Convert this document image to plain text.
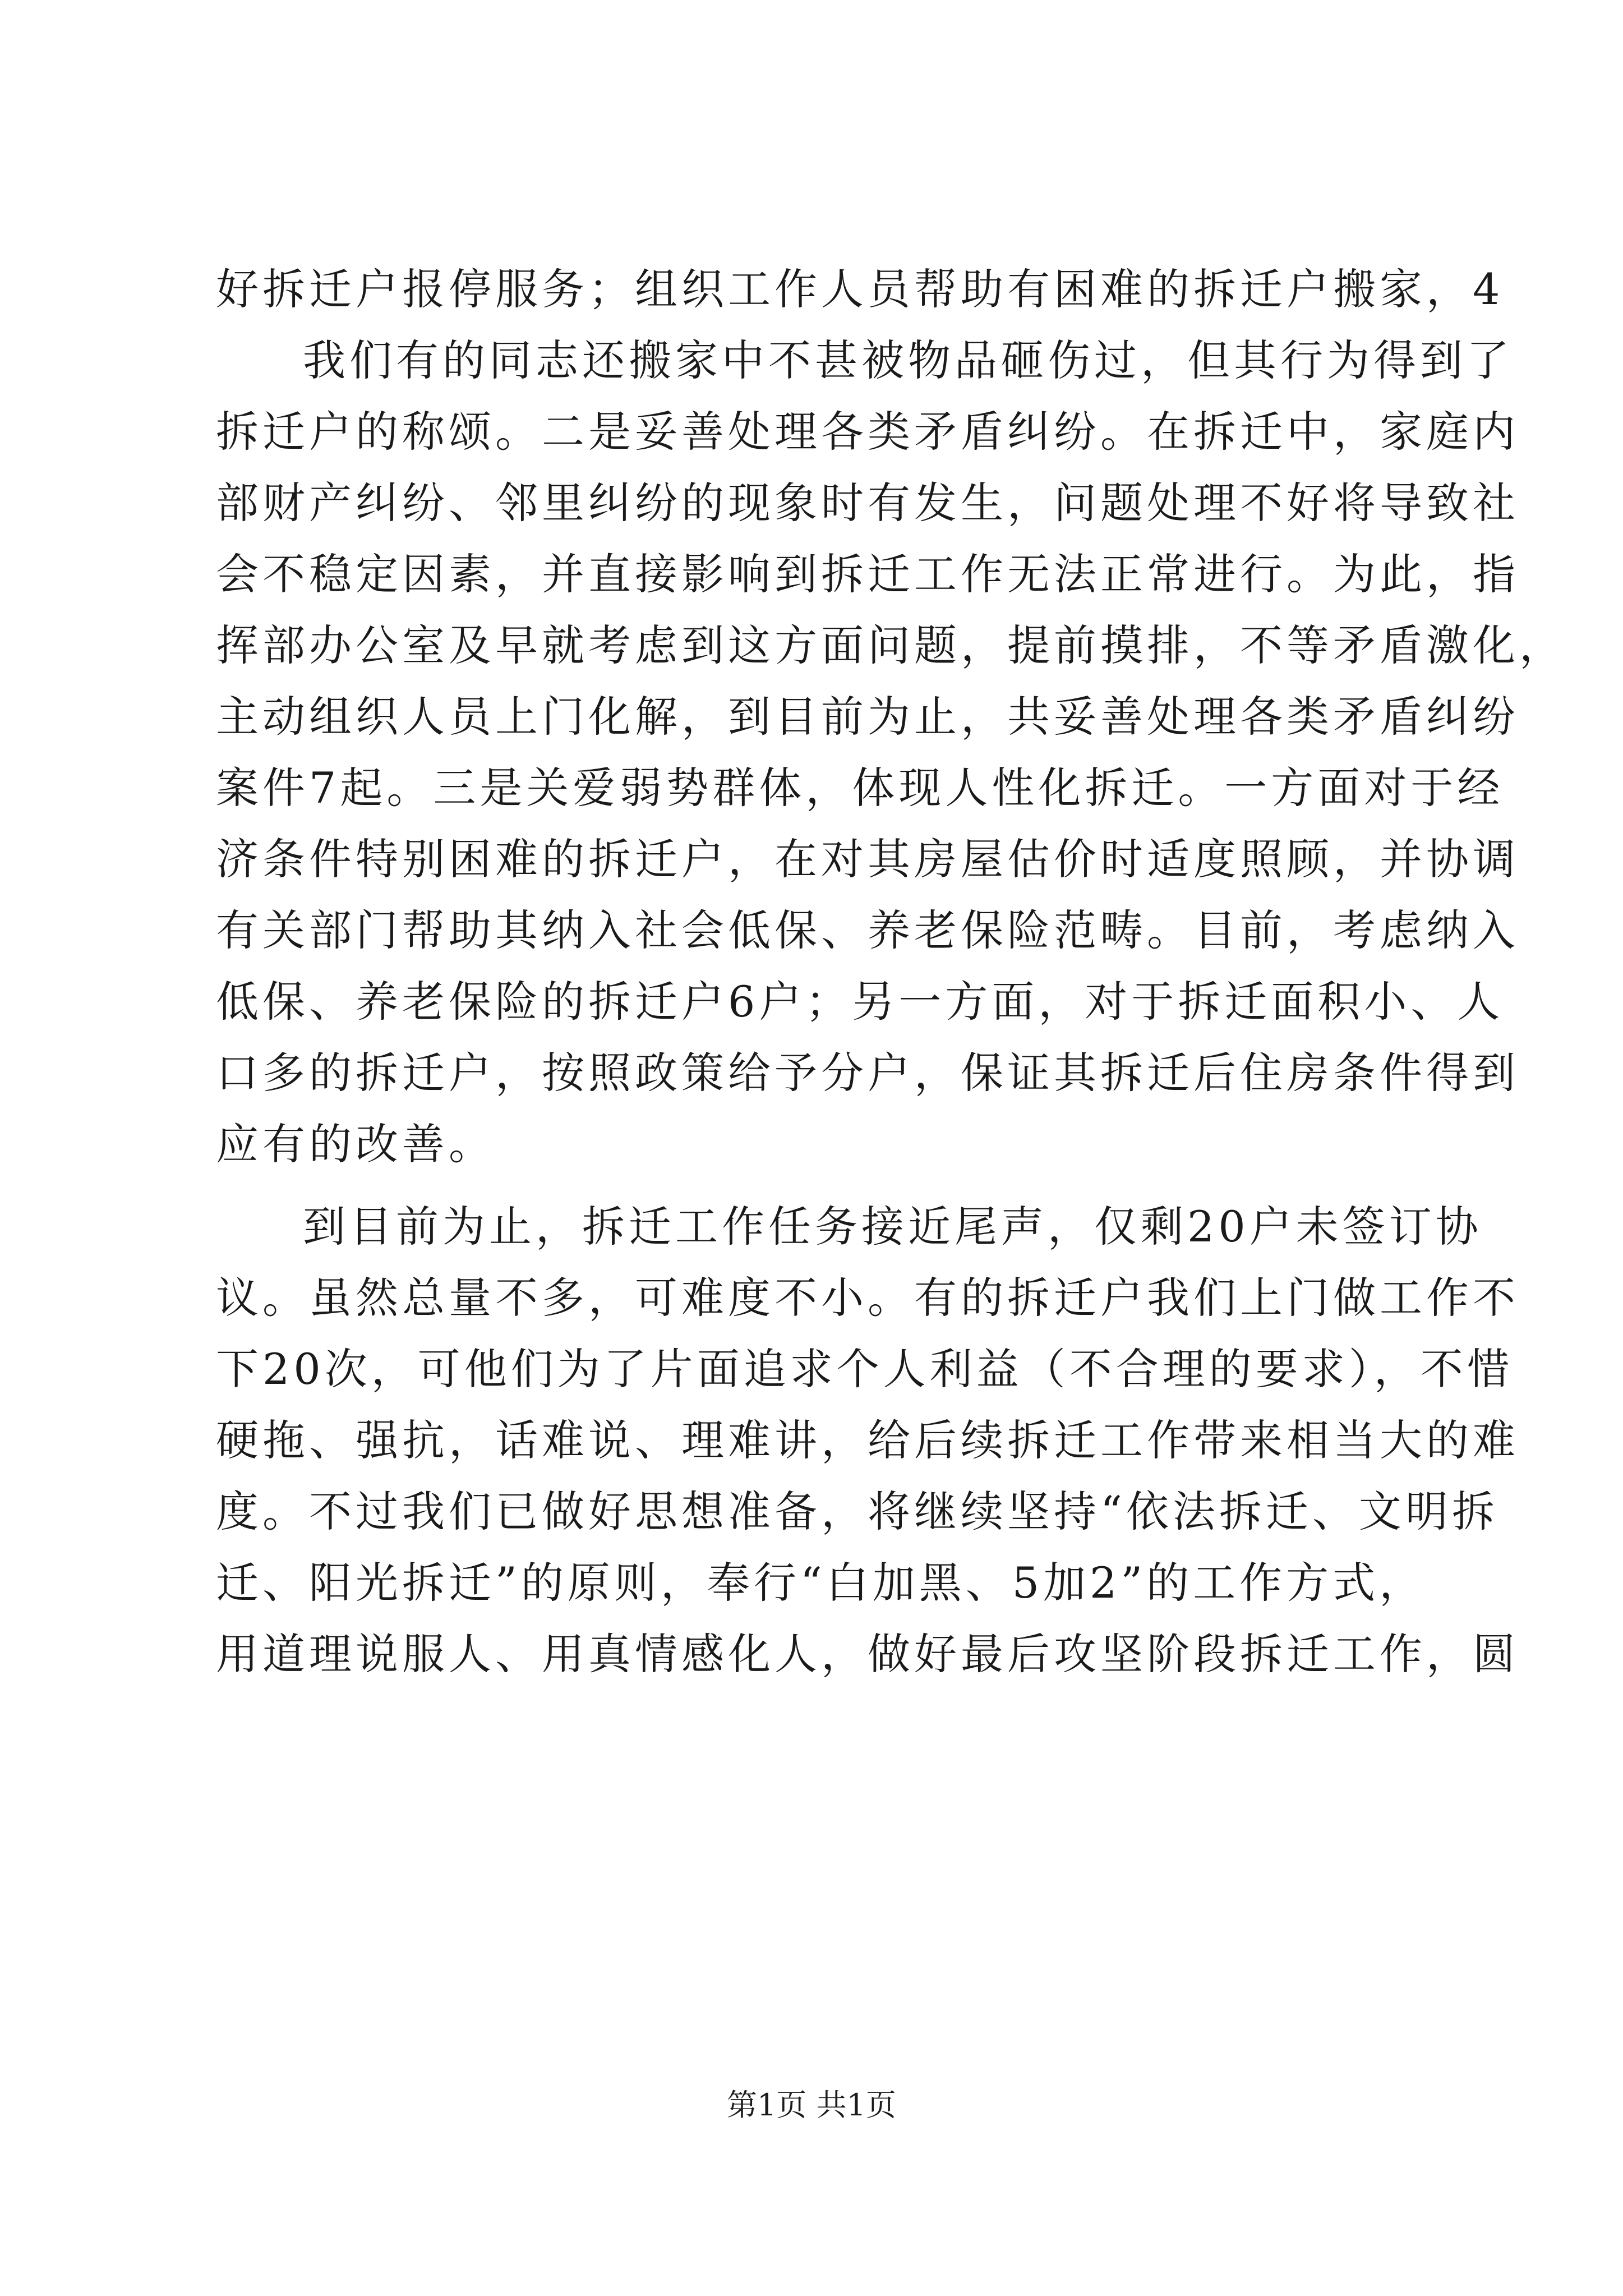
好拆迁户报停服务；组织工作人员帮助有困难的拆迁户搬家，4
我们有的同志还搬家中不甚被物品砸伤过，但其行为得到了
拆迁户的称颂。二是妥善处理各类矛盾纠纷。在拆迁中，家庭内
部财产纠纷、邻里纠纷的现象时有发生，问题处理不好将导致社
会不稳定因素，并直接影响到拆迁工作无法正常进行。为此，指
挥部办公室及早就考虑到这方面问题，提前摸排，不等矛盾激化，
主动组织人员上门化解，到目前为止，共妥善处理各类矛盾纠纷
案件7起。三是关爱弱势群体，体现人性化拆迁。一方面对于经
济条件特别困难的拆迁户，在对其房屋估价时适度照顾，并协调
有关部门帮助其纳入社会低保、养老保险范畴。目前，考虑纳入
低保、养老保险的拆迁户6户；另一方面，对于拆迁面积小、人
口多的拆迁户，按照政策给予分户，保证其拆迁后住房条件得到
应有的改善。
到目前为止，拆迁工作任务接近尾声，仅剩20户未签订协
议。虽然总量不多，可难度不小。有的拆迁户我们上门做工作不
下20次，可他们为了片面追求个人利益（不合理的要求），不惜
硬拖、强抗，话难说、理难讲，给后续拆迁工作带来相当大的难
度。不过我们已做好思想准备，将继续坚持“依法拆迁、文明拆
迁、阳光拆迁”的原则，奉行“白加黑、5加2”的工作方式，
用道理说服人、用真情感化人，做好最后攻坚阶段拆迁工作，圆
第1页 共1页
